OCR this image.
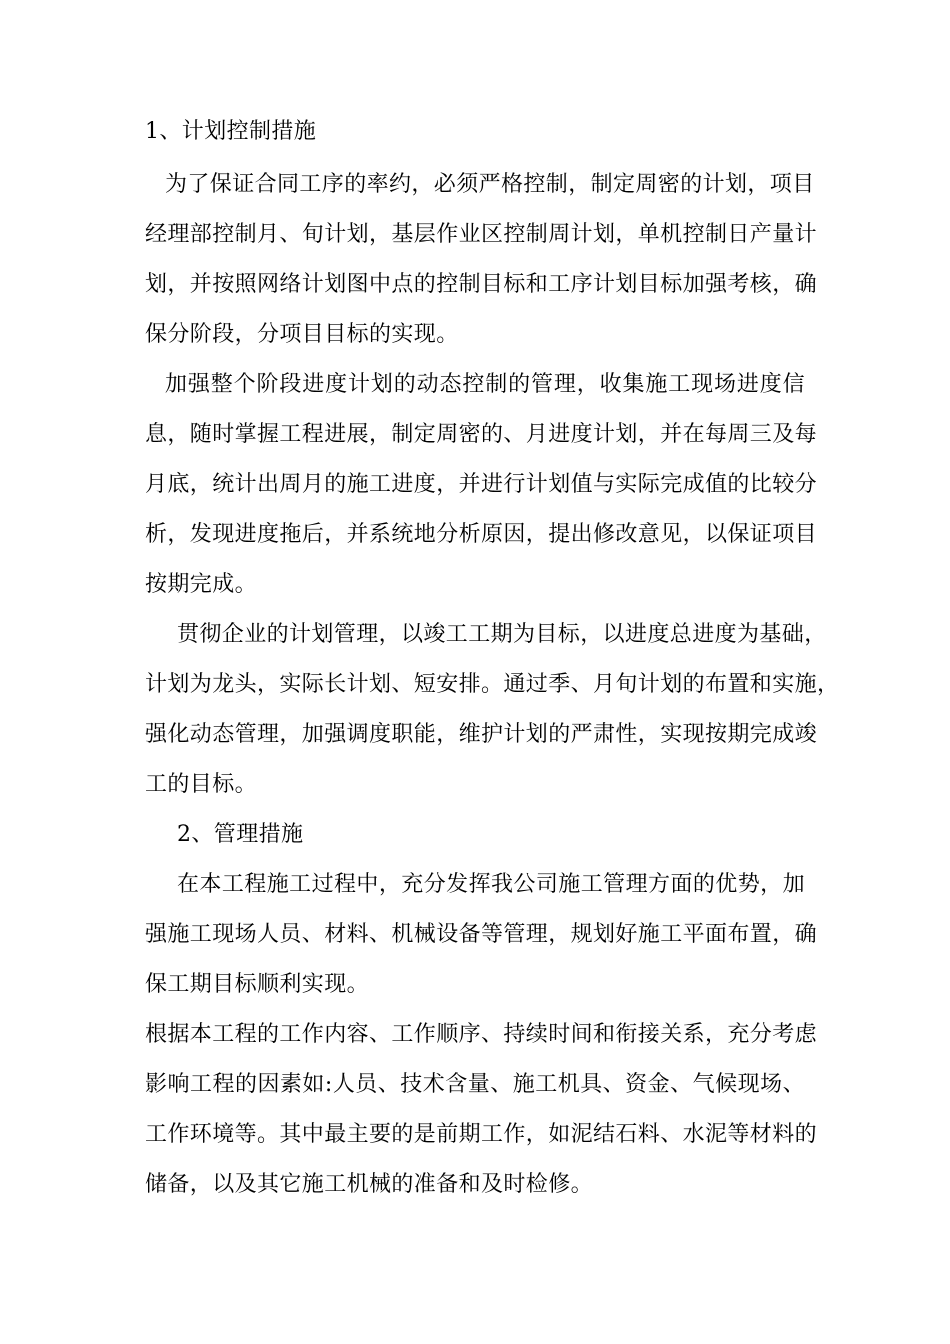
1、计划控制措施
为了保证合同工序的率约，必须严格控制，制定周密的计划，项目
经理部控制月、旬计划，基层作业区控制周计划，单机控制日产量计
划，并按照网络计划图中点的控制目标和工序计划目标加强考核，确
保分阶段，分项目目标的实现。
加强整个阶段进度计划的动态控制的管理，收集施工现场进度信
息，随时掌握工程进展，制定周密的、月进度计划，并在每周三及每
月底，统计出周月的施工进度，并进行计划值与实际完成值的比较分
析，发现进度拖后，并系统地分析原因，提出修改意见，以保证项目
按期完成。
贯彻企业的计划管理，以竣工工期为目标，以进度总进度为基础，
计划为龙头，实际长计划、短安排。通过季、月旬计划的布置和实施，
强化动态管理，加强调度职能，维护计划的严肃性，实现按期完成竣
工的目标。
2、管理措施
在本工程施工过程中，充分发挥我公司施工管理方面的优势，加
强施工现场人员、材料、机械设备等管理，规划好施工平面布置，确
保工期目标顺利实现。
根据本工程的工作内容、工作顺序、持续时间和衔接关系，充分考虑
影响工程的因素如:人员、技术含量、施工机具、资金、气候现场、
工作环境等。其中最主要的是前期工作，如泥结石料、水泥等材料的
储备，以及其它施工机械的准备和及时检修。
